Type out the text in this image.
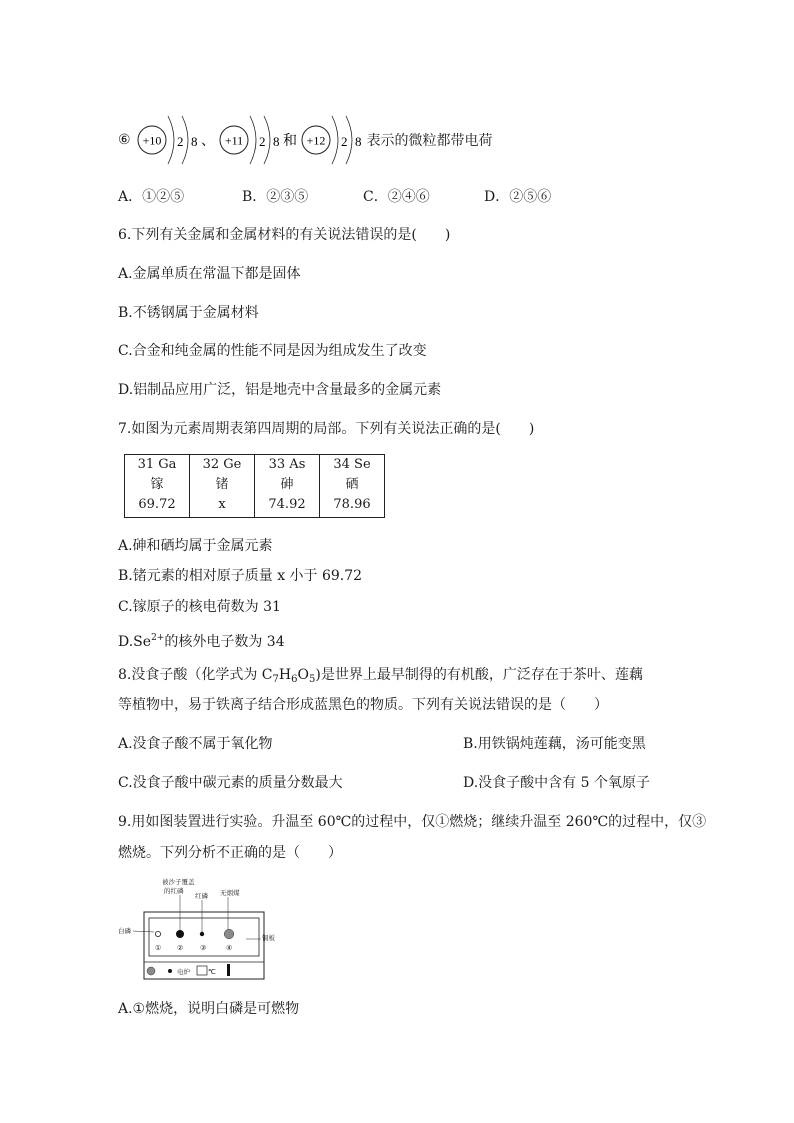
⑥ +10 2 8 、 +11 2 8 和 +12 2 8 表示的微粒都带电荷
A．①②⑤	B．②③⑤	C．②④⑥	D．②⑤⑥
6.下列有关金属和金属材料的有关说法错误的是(　　)
A.金属单质在常温下都是固体
B.不锈钢属于金属材料
C.合金和纯金属的性能不同是因为组成发生了改变
D.铝制品应用广泛，铝是地壳中含量最多的金属元素
7.如图为元素周期表第四周期的局部。下列有关说法正确的是(　　)
31 Ga
镓
69.72

32 Ge
锗
x

33 As
砷
74.92

34 Se
硒
78.96
A.砷和硒均属于金属元素
B.锗元素的相对原子质量 x 小于 69.72
C.镓原子的核电荷数为 31
$D.Se^{2+}$的核外电子数为 34
8.没食子酸（化学式为 $C_7H_6O_5$)是世界上最早制得的有机酸，广泛存在于茶叶、莲藕
等植物中，易于铁离子结合形成蓝黑色的物质。下列有关说法错误的是（　　）
A.没食子酸不属于氧化物	B.用铁锅炖莲藕，汤可能变黑
C.没食子酸中碳元素的质量分数最大	D.没食子酸中含有 5 个氧原子
9.用如图装置进行实验。升温至 60℃的过程中，仅①燃烧；继续升温至 260℃的过程中，仅③
燃烧。下列分析不正确的是（　　）
被沙子覆盖
的红磷
红磷 无烟煤
白磷
铜板
① ② ③	④
电炉	℃
A.①燃烧，说明白磷是可燃物
